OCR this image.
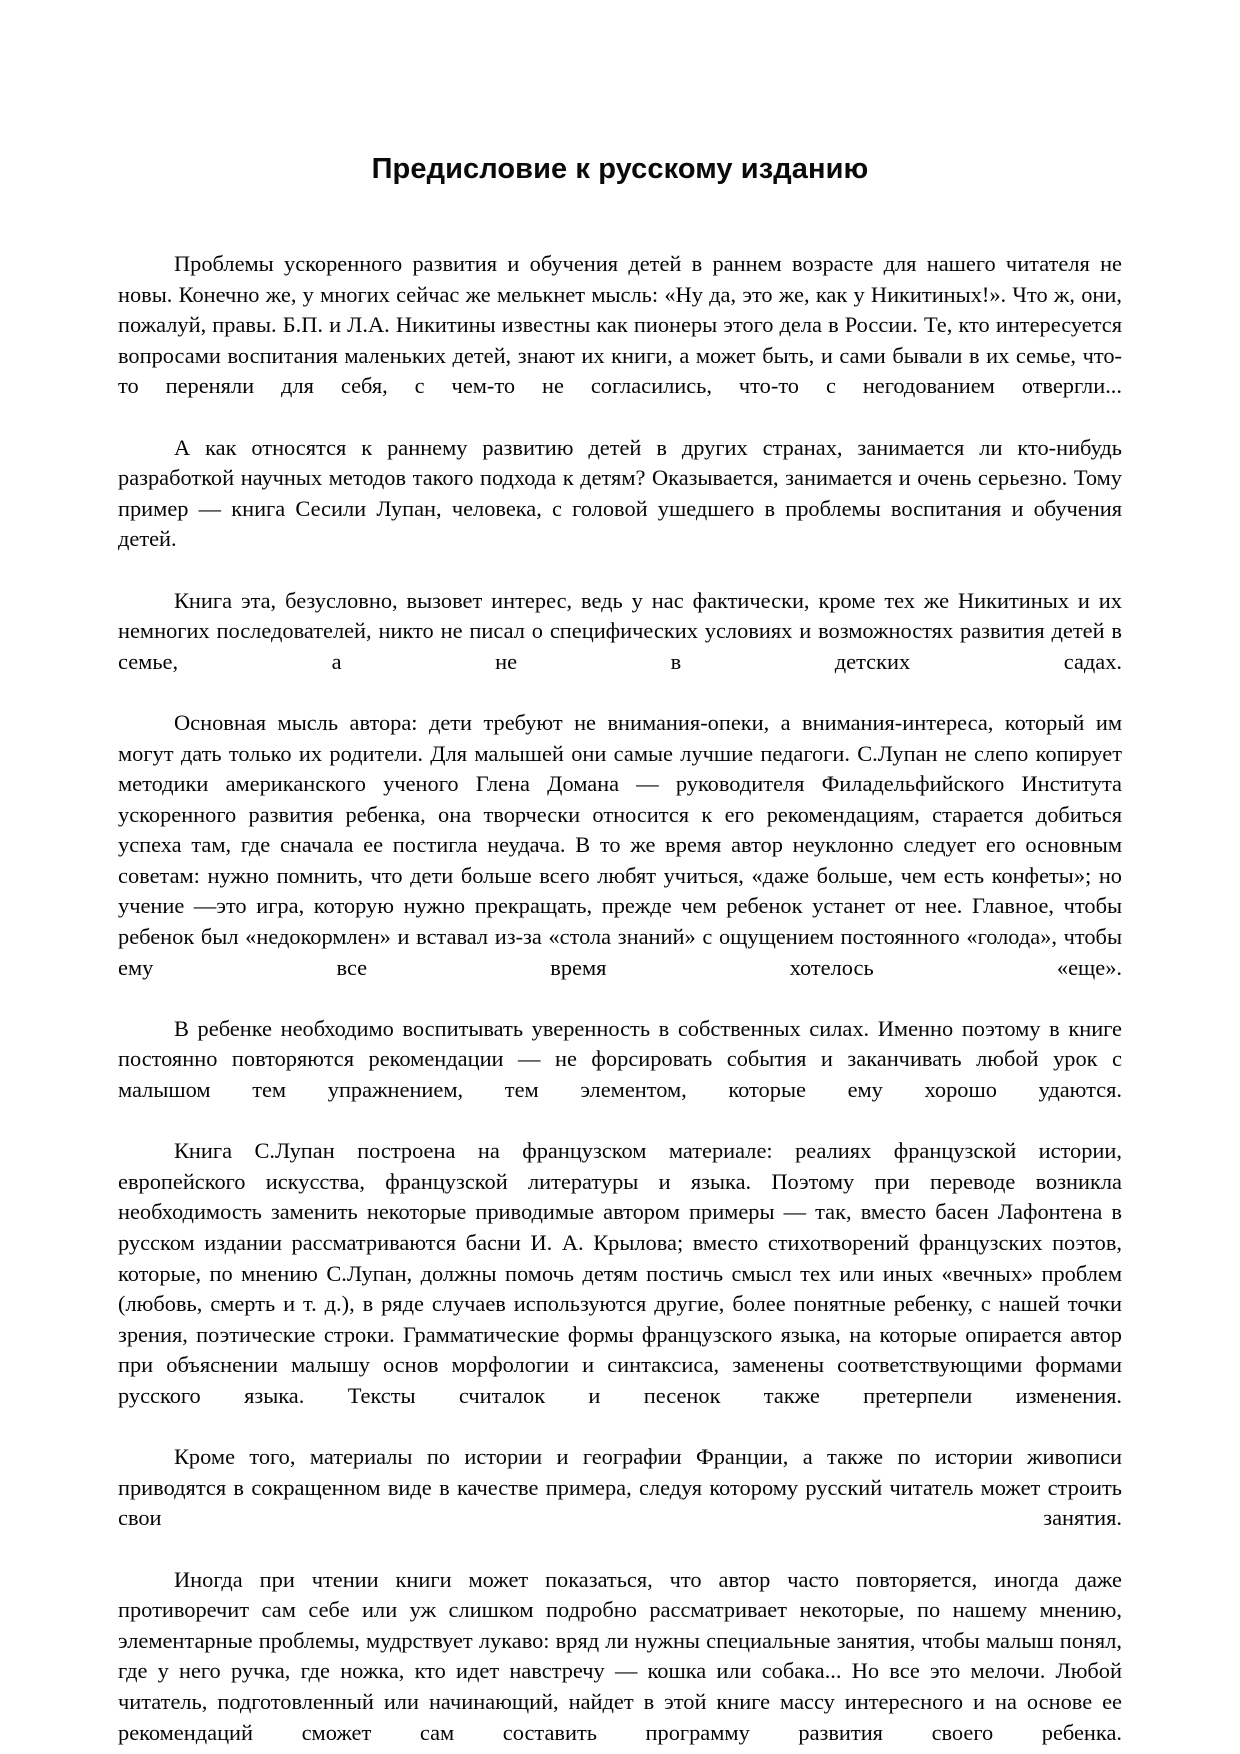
Предисловие к русскому изданию

Проблемы ускоренного развития и обучения детей в раннем возрасте для нашего читателя не новы. Конечно же, у многих сейчас же мелькнет мысль: «Ну да, это же, как у Никитиных!». Что ж, они, пожалуй, правы. Б.П. и Л.А. Никитины известны как пионеры этого дела в России. Те, кто интересуется вопросами воспитания маленьких детей, знают их книги, а может быть, и сами бывали в их семье, что-то переняли для себя, с чем-то не согласились, что-то с негодованием отвергли...

А как относятся к раннему развитию детей в других странах, занимается ли кто-нибудь разработкой научных методов такого подхода к детям? Оказывается, занимается и очень серьезно. Тому пример — книга Сесили Лупан, человека, с головой ушедшего в проблемы воспитания и обучения детей.

Книга эта, безусловно, вызовет интерес, ведь у нас фактически, кроме тех же Никитиных и их немногих последователей, никто не писал о специфических условиях и возможностях развития детей в семье, а не в детских садах.

Основная мысль автора: дети требуют не внимания-опеки, а внимания-интереса, который им могут дать только их родители. Для малышей они самые лучшие педагоги. С.Лупан не слепо копирует методики американского ученого Глена Домана — руководителя Филадельфийского Института ускоренного развития ребенка, она творчески относится к его рекомендациям, старается добиться успеха там, где сначала ее постигла неудача. В то же время автор неуклонно следует его основным советам: нужно помнить, что дети больше всего любят учиться, «даже больше, чем есть конфеты»; но учение —это игра, которую нужно прекращать, прежде чем ребенок устанет от нее. Главное, чтобы ребенок был «недокормлен» и вставал из-за «стола знаний» с ощущением постоянного «голода», чтобы ему все время хотелось «еще».

В ребенке необходимо воспитывать уверенность в собственных силах. Именно поэтому в книге постоянно повторяются рекомендации — не форсировать события и заканчивать любой урок с малышом тем упражнением, тем элементом, которые ему хорошо удаются.

Книга С.Лупан построена на французском материале: реалиях французской истории, европейского искусства, французской литературы и языка. Поэтому при переводе возникла необходимость заменить некоторые приводимые автором примеры — так, вместо басен Лафонтена в русском издании рассматриваются басни И. А. Крылова; вместо стихотворений французских поэтов, которые, по мнению С.Лупан, должны помочь детям постичь смысл тех или иных «вечных» проблем (любовь, смерть и т. д.), в ряде случаев используются другие, более понятные ребенку, с нашей точки зрения, поэтические строки. Грамматические формы французского языка, на которые опирается автор при объяснении малышу основ морфологии и синтаксиса, заменены соответствующими формами русского языка. Тексты считалок и песенок также претерпели изменения.

Кроме того, материалы по истории и географии Франции, а также по истории живописи приводятся в сокращенном виде в качестве примера, следуя которому русский читатель может строить свои занятия.

Иногда при чтении книги может показаться, что автор часто повторяется, иногда даже противоречит сам себе или уж слишком подробно рассматривает некоторые, по нашему мнению, элементарные проблемы, мудрствует лукаво: вряд ли нужны специальные занятия, чтобы малыш понял, где у него ручка, где ножка, кто идет навстречу — кошка или собака... Но все это мелочи. Любой читатель, подготовленный или начинающий, найдет в этой книге массу интересного и на основе ее рекомендаций сможет сам составить программу развития своего ребенка.
